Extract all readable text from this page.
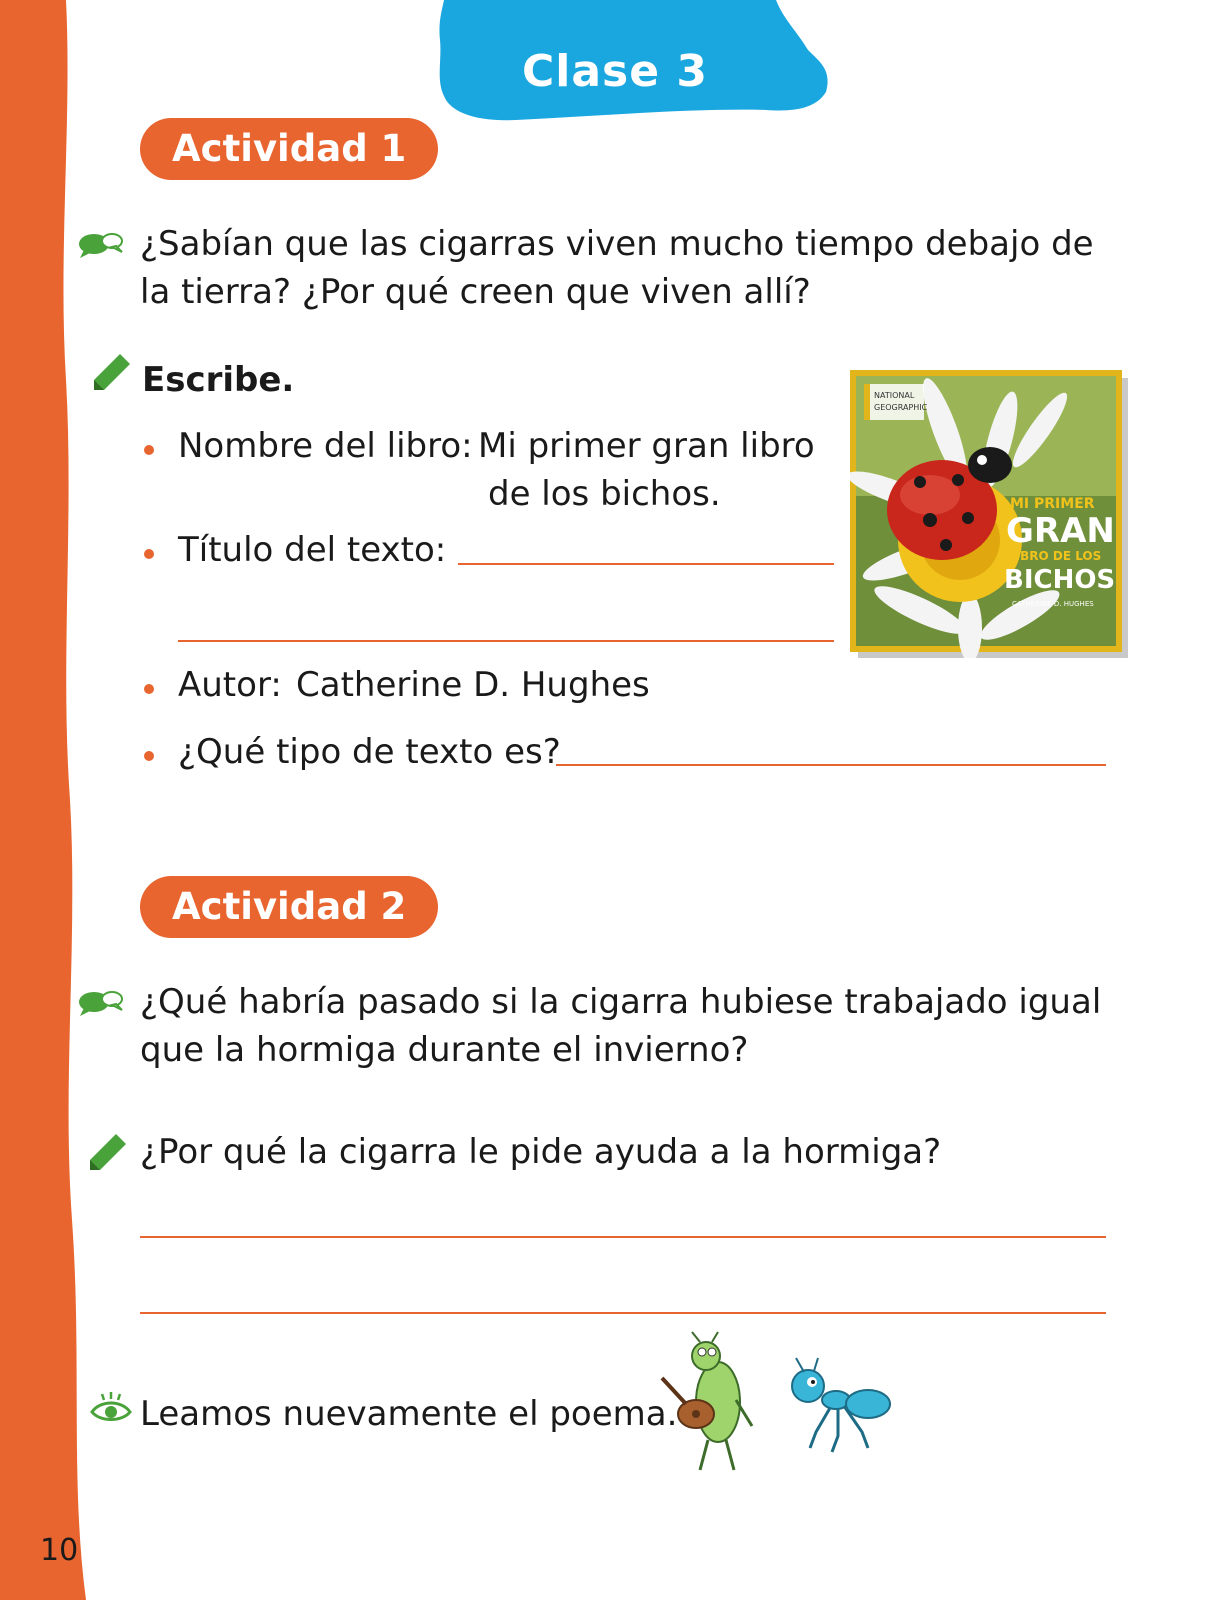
Clase 3
Actividad 1
¿Sabían que las cigarras viven mucho tiempo debajo de la tierra? ¿Por qué creen que viven allí?
Escribe.
Nombre del libro: Mi primer gran libro
de los bichos.
Título del texto:
Autor: Catherine D. Hughes
¿Qué tipo de texto es?
NATIONAL
GEOGRAPHIC
MI PRIMER
GRAN
LIBRO DE LOS
BICHOS
CATHERINE D. HUGHES
Actividad 2
¿Qué habría pasado si la cigarra hubiese trabajado igual que la hormiga durante el invierno?
¿Por qué la cigarra le pide ayuda a la hormiga?
Leamos nuevamente el poema.
10
